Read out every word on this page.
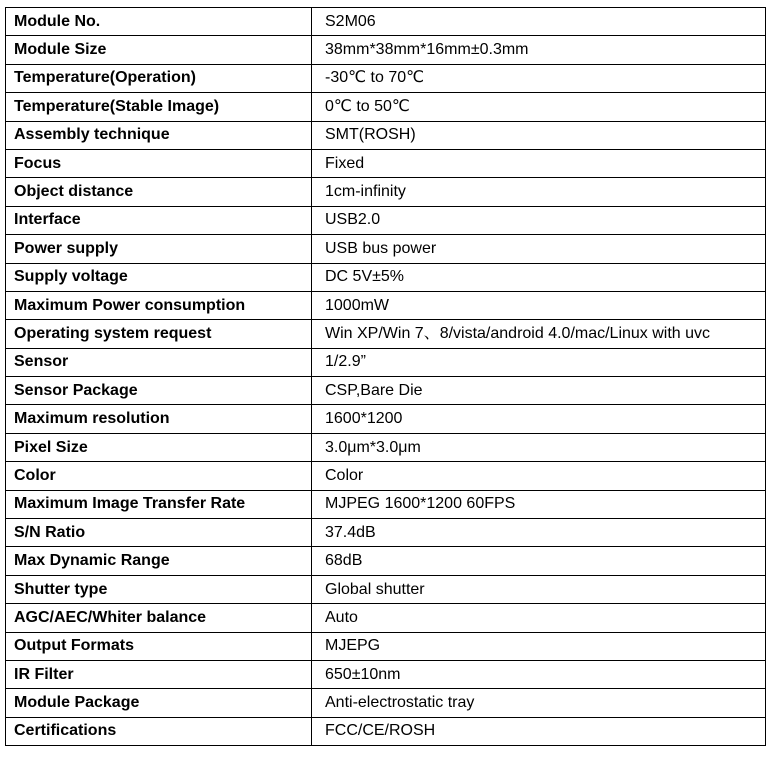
Module No.	S2M06
Module Size	38mm*38mm*16mm±0.3mm
Temperature(Operation)	-30℃ to 70℃
Temperature(Stable Image)	0℃ to 50℃
Assembly technique	SMT(ROSH)
Focus	Fixed
Object distance	1cm-infinity
Interface	USB2.0
Power supply	USB bus power
Supply voltage	DC 5V±5%
Maximum Power consumption	1000mW
Operating system request	Win XP/Win 7、8/vista/android 4.0/mac/Linux with uvc
Sensor	1/2.9”
Sensor Package	CSP,Bare Die
Maximum resolution	1600*1200
Pixel Size	3.0μm*3.0μm
Color	Color
Maximum Image Transfer Rate	MJPEG 1600*1200 60FPS
S/N Ratio	37.4dB
Max Dynamic Range	68dB
Shutter type	Global shutter
AGC/AEC/Whiter balance	Auto
Output Formats	MJEPG
IR Filter	650±10nm
Module Package	Anti-electrostatic tray
Certifications	FCC/CE/ROSH
